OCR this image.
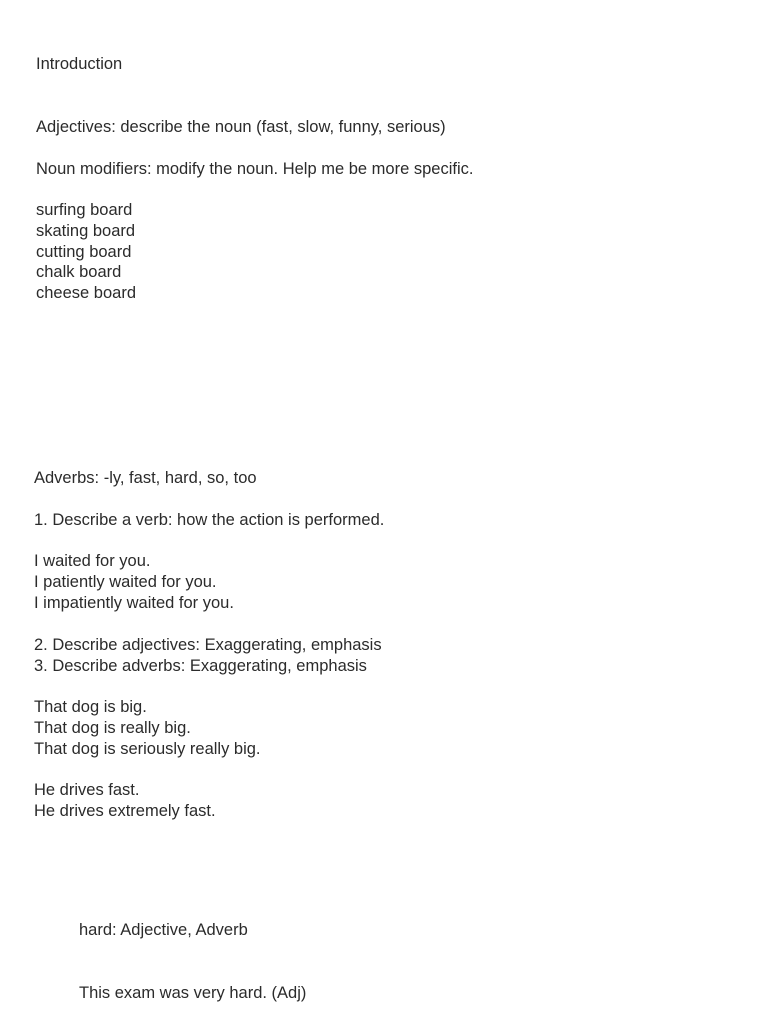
Introduction

Adjectives: describe the noun (fast, slow, funny, serious)

Noun modifiers: modify the noun. Help me be more specific.

surfing board

skating board

cutting board

chalk board

cheese board

Adverbs: -ly, fast, hard, so, too

1. Describe a verb: how the action is performed.

I waited for you.

I patiently waited for you.

I impatiently waited for you.

2. Describe adjectives: Exaggerating, emphasis

3. Describe adverbs: Exaggerating, emphasis

That dog is big.

That dog is really big.

That dog is seriously really big.

He drives fast.

He drives extremely fast.

hard: Adjective, Adverb

This exam was very hard. (Adj)
